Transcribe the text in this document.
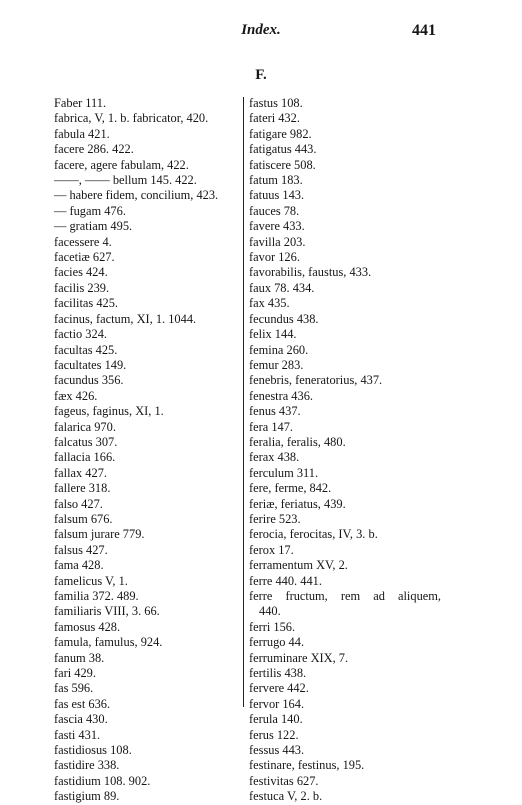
Index.	441
F.
Faber 111.
fabrica, V, 1. b. fabricator, 420.
fabula 421.
facere 286. 422.
facere, agere fabulam, 422.
——, —— bellum 145. 422.
— habere fidem, concilium, 423.
— fugam 476.
— gratiam 495.
facessere 4.
facetiæ 627.
facies 424.
facilis 239.
facilitas 425.
facinus, factum, XI, 1. 1044.
factio 324.
facultas 425.
facultates 149.
facundus 356.
fæx 426.
fageus, faginus, XI, 1.
falarica 970.
falcatus 307.
fallacia 166.
fallax 427.
fallere 318.
falso 427.
falsum 676.
falsum jurare 779.
falsus 427.
fama 428.
famelicus V, 1.
familia 372. 489.
familiaris VIII, 3. 66.
famosus 428.
famula, famulus, 924.
fanum 38.
fari 429.
fas 596.
fas est 636.
fascia 430.
fasti 431.
fastidiosus 108.
fastidire 338.
fastidium 108. 902.
fastigium 89.
fastus 108.
fateri 432.
fatigare 982.
fatigatus 443.
fatiscere 508.
fatum 183.
fatuus 143.
fauces 78.
favere 433.
favilla 203.
favor 126.
favorabilis, faustus, 433.
faux 78. 434.
fax 435.
fecundus 438.
felix 144.
femina 260.
femur 283.
fenebris, feneratorius, 437.
fenestra 436.
fenus 437.
fera 147.
feralia, feralis, 480.
ferax 438.
ferculum 311.
fere, ferme, 842.
feriæ, feriatus, 439.
ferire 523.
ferocia, ferocitas, IV, 3. b.
ferox 17.
ferramentum XV, 2.
ferre 440. 441.
ferre fructum, rem ad aliquem,
440.
ferri 156.
ferrugo 44.
ferruminare XIX, 7.
fertilis 438.
fervere 442.
fervor 164.
ferula 140.
ferus 122.
fessus 443.
festinare, festinus, 195.
festivitas 627.
festuca V, 2. b.
